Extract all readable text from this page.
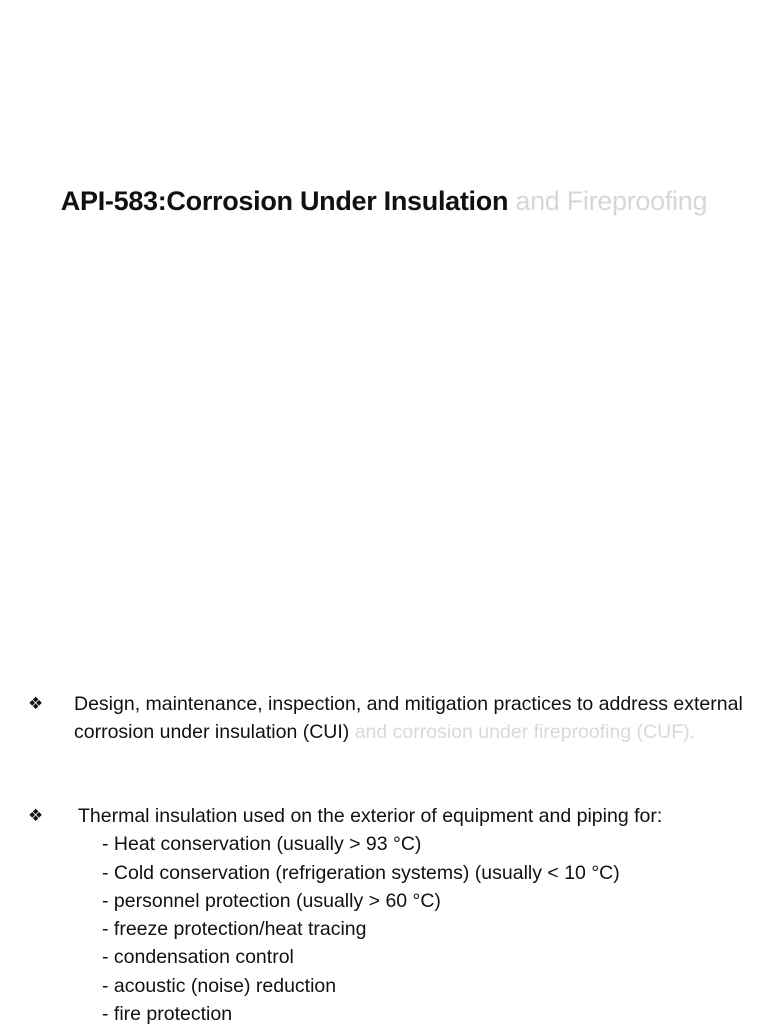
API-583:Corrosion Under Insulation and Fireproofing
❖ Design, maintenance, inspection, and mitigation practices to address external corrosion under insulation (CUI) and corrosion under fireproofing (CUF).
❖ Thermal insulation used on the exterior of equipment and piping for:
- Heat conservation (usually > 93 °C)
- Cold conservation (refrigeration systems) (usually < 10 °C)
- personnel protection (usually > 60 °C)
- freeze protection/heat tracing
- condensation control
- acoustic (noise) reduction
- fire protection
